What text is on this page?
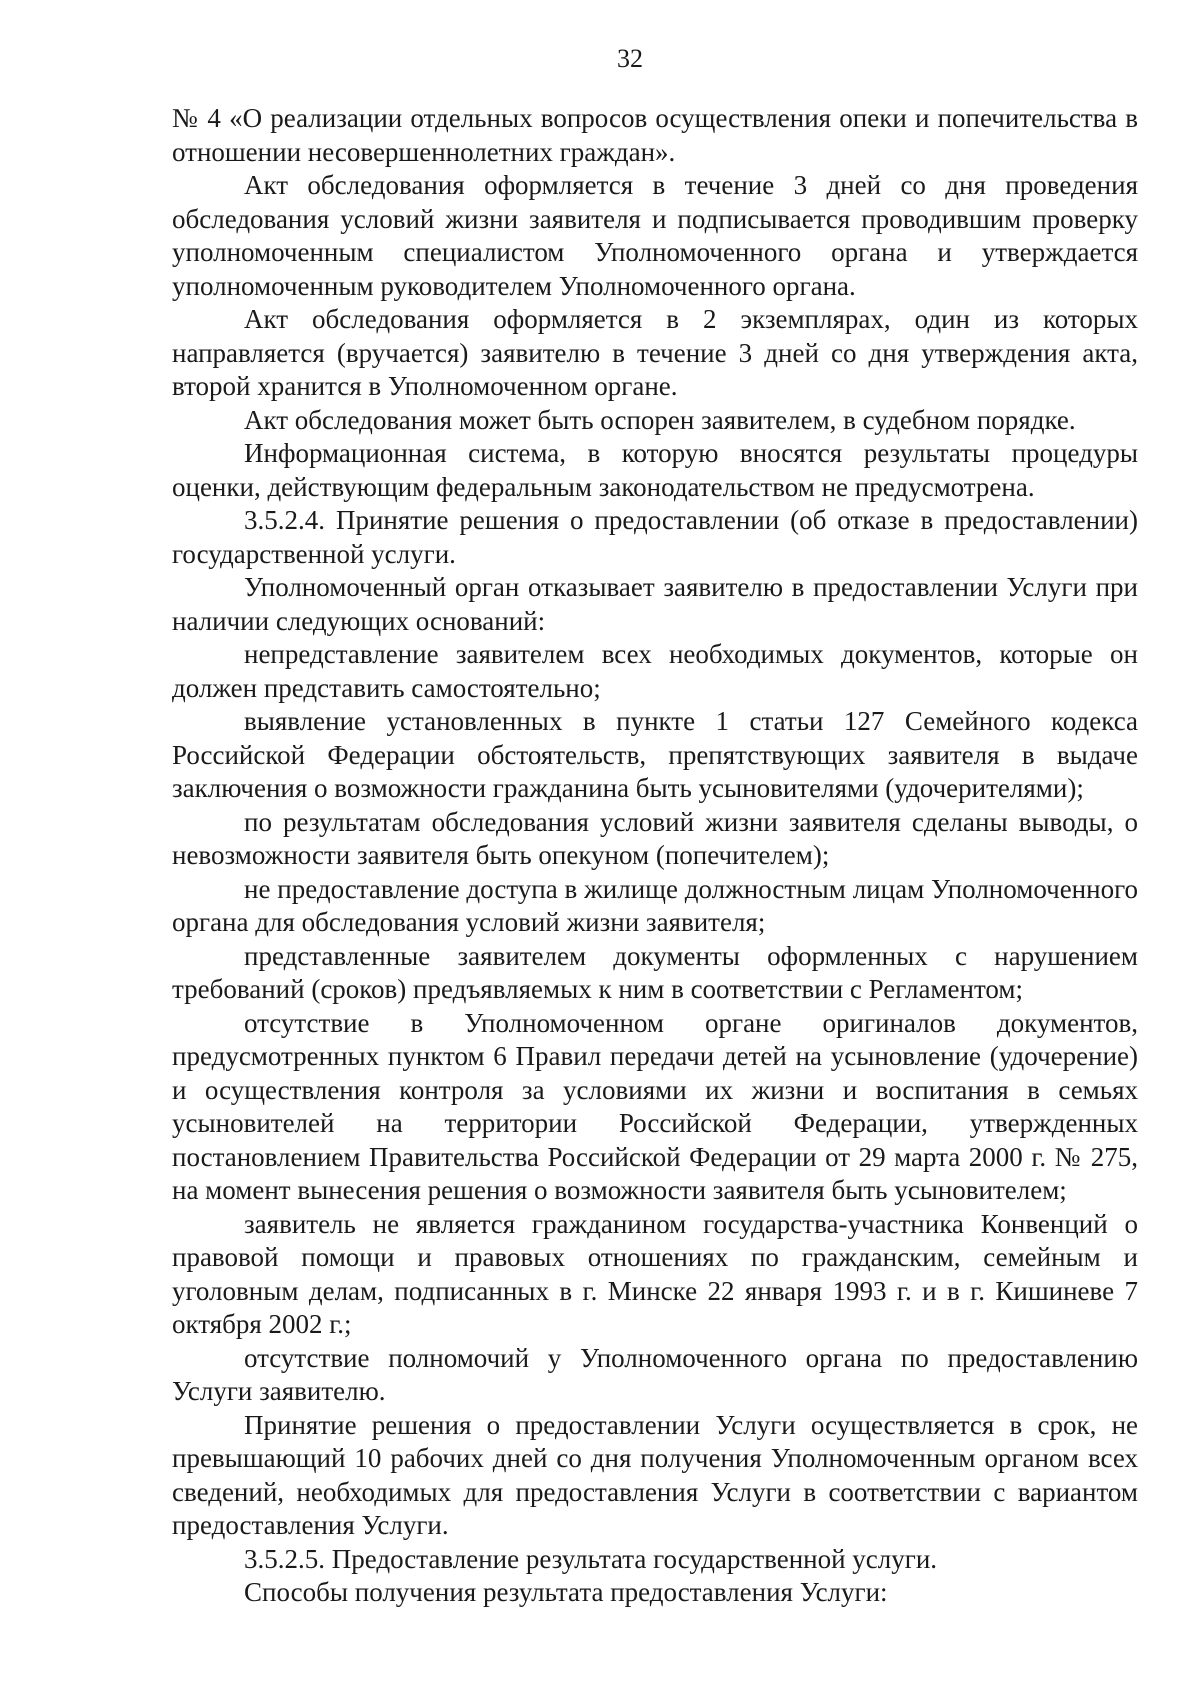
32

№ 4 «О реализации отдельных вопросов осуществления опеки и попечительства в отношении несовершеннолетних граждан».

Акт обследования оформляется в течение 3 дней со дня проведения обследования условий жизни заявителя и подписывается проводившим проверку уполномоченным специалистом Уполномоченного органа и утверждается уполномоченным руководителем Уполномоченного органа.

Акт обследования оформляется в 2 экземплярах, один из которых направляется (вручается) заявителю в течение 3 дней со дня утверждения акта, второй хранится в Уполномоченном органе.

Акт обследования может быть оспорен заявителем, в судебном порядке.

Информационная система, в которую вносятся результаты процедуры оценки, действующим федеральным законодательством не предусмотрена.

3.5.2.4. Принятие решения о предоставлении (об отказе в предоставлении) государственной услуги.

Уполномоченный орган отказывает заявителю в предоставлении Услуги при наличии следующих оснований:

непредставление заявителем всех необходимых документов, которые он должен представить самостоятельно;

выявление установленных в пункте 1 статьи 127 Семейного кодекса Российской Федерации обстоятельств, препятствующих заявителя в выдаче заключения о возможности гражданина быть усыновителями (удочерителями);

по результатам обследования условий жизни заявителя сделаны выводы, о невозможности заявителя быть опекуном (попечителем);

не предоставление доступа в жилище должностным лицам Уполномоченного органа для обследования условий жизни заявителя;

представленные заявителем документы оформленных с нарушением требований (сроков) предъявляемых к ним в соответствии с Регламентом;

отсутствие в Уполномоченном органе оригиналов документов, предусмотренных пунктом 6 Правил передачи детей на усыновление (удочерение) и осуществления контроля за условиями их жизни и воспитания в семьях усыновителей на территории Российской Федерации, утвержденных постановлением Правительства Российской Федерации от 29 марта 2000 г. № 275, на момент вынесения решения о возможности заявителя быть усыновителем;

заявитель не является гражданином государства-участника Конвенций о правовой помощи и правовых отношениях по гражданским, семейным и уголовным делам, подписанных в г. Минске 22 января 1993 г. и в г. Кишиневе 7 октября 2002 г.;

отсутствие полномочий у Уполномоченного органа по предоставлению Услуги заявителю.

Принятие решения о предоставлении Услуги осуществляется в срок, не превышающий 10 рабочих дней со дня получения Уполномоченным органом всех сведений, необходимых для предоставления Услуги в соответствии с вариантом предоставления Услуги.

3.5.2.5. Предоставление результата государственной услуги.

Способы получения результата предоставления Услуги:
